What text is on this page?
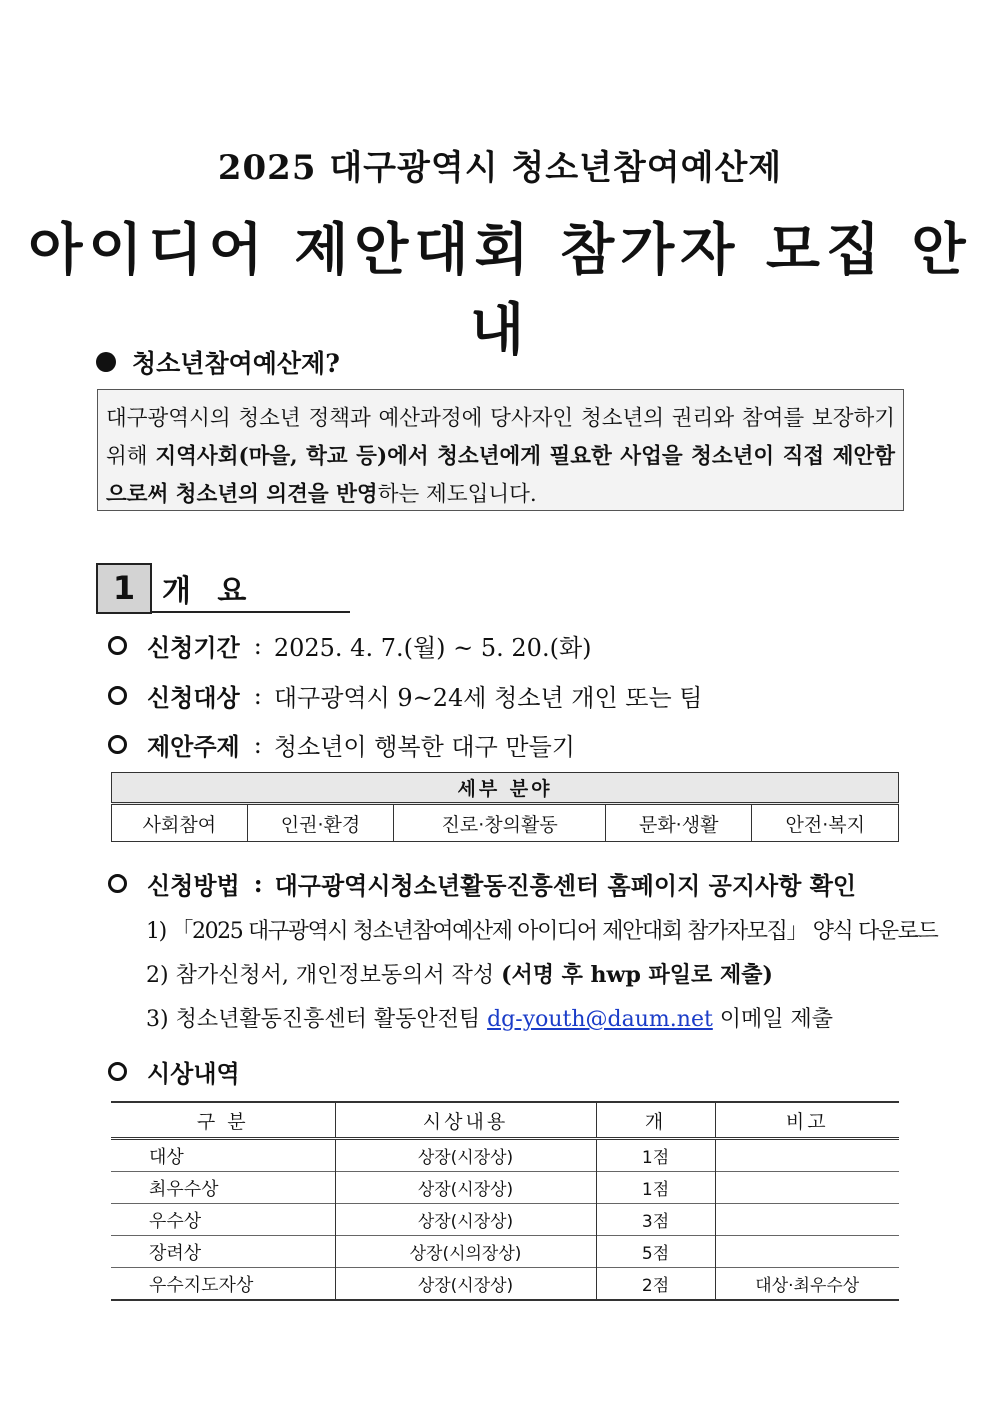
2025 대구광역시 청소년참여예산제
아이디어 제안대회 참가자 모집 안내
청소년참여예산제?
대구광역시의 청소년 정책과 예산과정에 당사자인 청소년의 권리와 참여를 보장하기 위해 지역사회(마을, 학교 등)에서 청소년에게 필요한 사업을 청소년이 직접 제안함으로써 청소년의 의견을 반영하는 제도입니다.
1 개 요
신청기간 : 2025. 4. 7.(월) ~ 5. 20.(화)
신청대상 : 대구광역시 9~24세 청소년 개인 또는 팀
제안주제 : 청소년이 행복한 대구 만들기
세부 분야
사회참여	인권·환경	진로·창의활동	문화·생활	안전·복지
신청방법 : 대구광역시청소년활동진흥센터 홈페이지 공지사항 확인
1) 「2025 대구광역시 청소년참여예산제 아이디어 제안대회 참가자모집」 양식 다운로드
2) 참가신청서, 개인정보동의서 작성 (서명 후 hwp 파일로 제출)
3) 청소년활동진흥센터 활동안전팀 dg-youth@daum.net 이메일 제출
시상내역
구 분	시상내용	개	비고
대상	상장(시장상)	1점	
최우수상	상장(시장상)	1점	
우수상	상장(시장상)	3점	
장려상	상장(시의장상)	5점	
우수지도자상	상장(시장상)	2점	대상·최우수상
